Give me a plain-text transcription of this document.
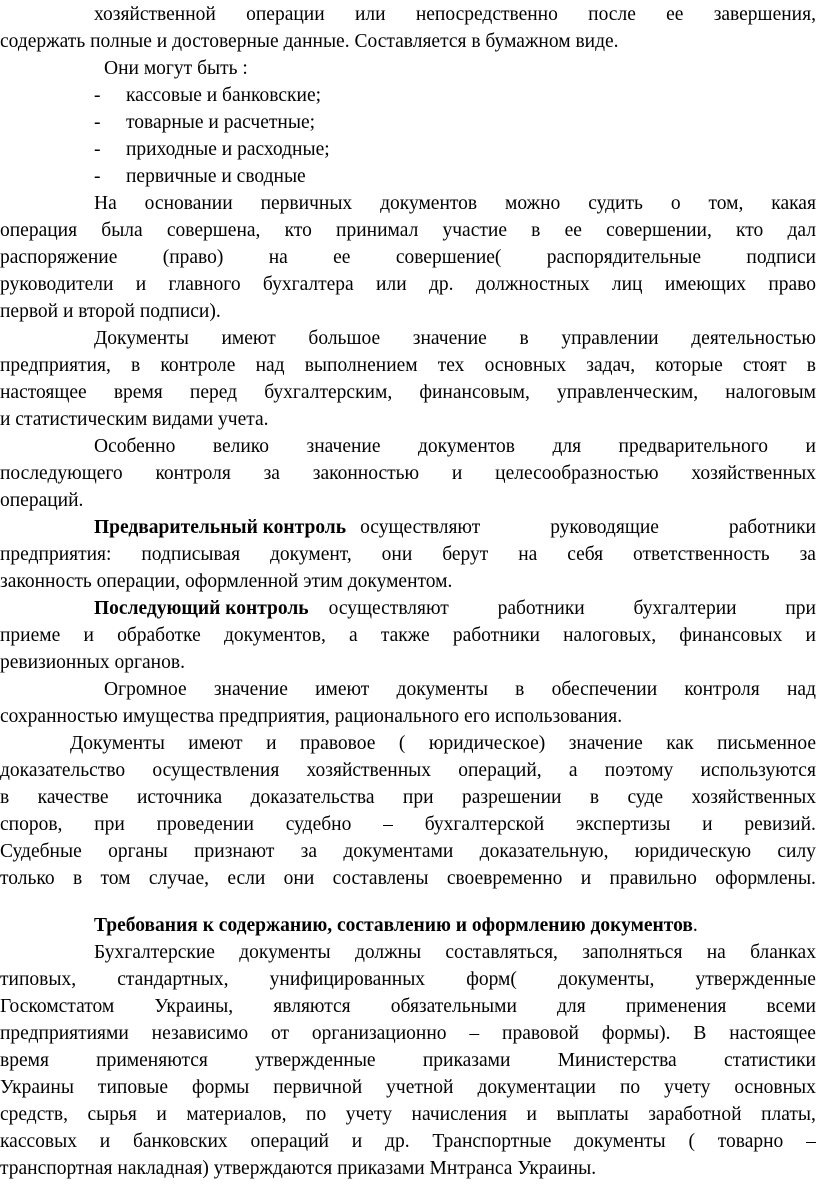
хозяйственной операции или непосредственно после ее завершения,
содержать полные и достоверные данные. Составляется в бумажном виде.
Они могут быть :
- кассовые и банковские;
- товарные и расчетные;
- приходные и расходные;
- первичные и сводные
На основании первичных документов можно судить о том, какая
операция была совершена, кто принимал участие в ее совершении, кто дал
распоряжение (право) на ее совершение( распорядительные подписи
руководители и главного бухгалтера или др. должностных лиц имеющих право
первой и второй подписи).
Документы имеют большое значение в управлении деятельностью
предприятия, в контроле над выполнением тех основных задач, которые стоят в
настоящее время перед бухгалтерским, финансовым, управленческим, налоговым
и статистическим видами учета.
Особенно велико значение документов для предварительного и
последующего контроля за законностью и целесообразностью хозяйственных
операций.
Предварительный контроль осуществляют	руководящие	работники
предприятия: подписывая документ, они берут на себя ответственность за
законность операции, оформленной этим документом.
Последующий контроль осуществляют	работники	бухгалтерии	при
приеме и обработке документов, а также работники налоговых, финансовых и
ревизионных органов.
Огромное значение имеют документы в обеспечении контроля над
сохранностью имущества предприятия, рационального его использования.
Документы имеют и правовое ( юридическое) значение как письменное
доказательство осуществления хозяйственных операций, а поэтому используются
в качестве источника доказательства при разрешении в суде хозяйственных
споров, при проведении судебно – бухгалтерской экспертизы и ревизий.
Судебные органы признают за документами доказательную, юридическую силу
только в том случае, если они составлены своевременно и правильно оформлены.
Требования к содержанию, составлению и оформлению документов.
Бухгалтерские документы должны составляться, заполняться на бланках
типовых, стандартных, унифицированных форм( документы, утвержденные
Госкомстатом Украины, являются обязательными для применения всеми
предприятиями независимо от организационно – правовой формы). В настоящее
время применяются утвержденные приказами Министерства статистики
Украины типовые формы первичной учетной документации по учету основных
средств, сырья и материалов, по учету начисления и выплаты заработной платы,
кассовых и банковских операций и др. Транспортные документы ( товарно –
транспортная накладная) утверждаются приказами Мнтранса Украины.
